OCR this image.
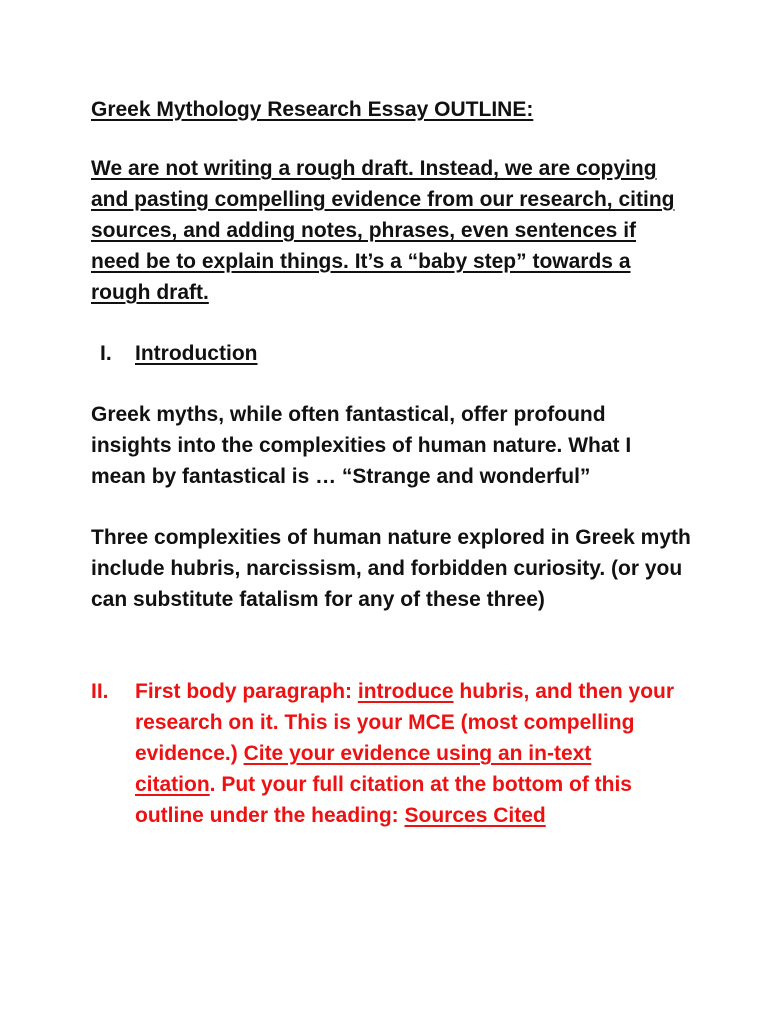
Greek Mythology Research Essay OUTLINE:
We are not writing a rough draft. Instead, we are copying and pasting compelling evidence from our research, citing sources, and adding notes, phrases, even sentences if need be to explain things. It’s a “baby step” towards a rough draft.
I.	Introduction
Greek myths, while often fantastical, offer profound insights into the complexities of human nature. What I mean by fantastical is … “Strange and wonderful”
Three complexities of human nature explored in Greek myth include hubris, narcissism, and forbidden curiosity. (or you can substitute fatalism for any of these three)
II.	First body paragraph: introduce hubris, and then your research on it. This is your MCE (most compelling evidence.) Cite your evidence using an in-text citation. Put your full citation at the bottom of this outline under the heading: Sources Cited
